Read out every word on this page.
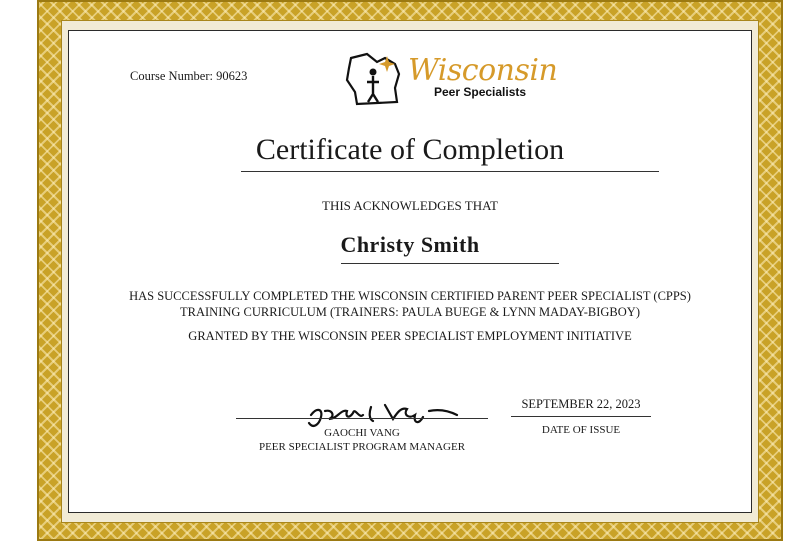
Course Number: 90623	Wisconsin
Peer Specialists
Certificate of Completion
THIS ACKNOWLEDGES THAT
Christy Smith
HAS SUCCESSFULLY COMPLETED THE WISCONSIN CERTIFIED PARENT PEER SPECIALIST (CPPS)
TRAINING CURRICULUM (TRAINERS: PAULA BUEGE & LYNN MADAY-BIGBOY)
GRANTED BY THE WISCONSIN PEER SPECIALIST EMPLOYMENT INITIATIVE
GAOCHI VANG
PEER SPECIALIST PROGRAM MANAGER
SEPTEMBER 22, 2023
DATE OF ISSUE
